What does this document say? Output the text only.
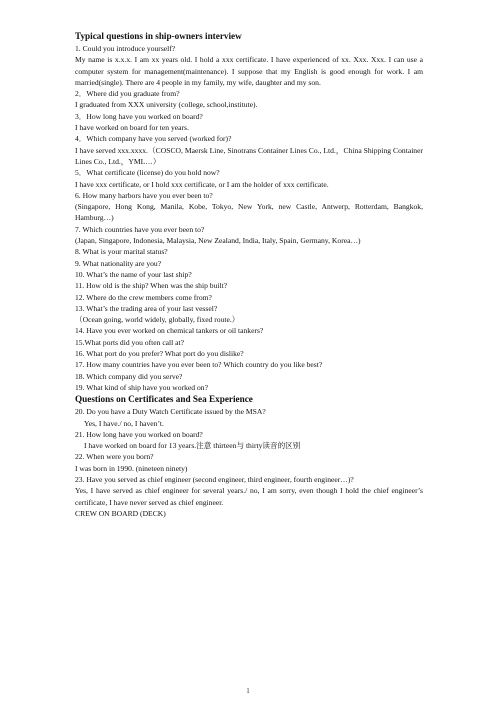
Typical questions in ship-owners interview

1. Could you introduce yourself?

My name is x.x.x. I am xx years old. I hold a xxx certificate. I have experienced of xx. Xxx. Xxx. I can use a computer system for management(maintenance). I suppose that my English is good enough for work. I am married(single). There are 4 people in my family, my wife, daughter and my son.

2．Where did you graduate from?

I graduated from XXX university (college, school,institute).

3．How long have you worked on board?

I have worked on board for ten years.

4．Which company have you served (worked for)?

I have served xxx.xxxx.（COSCO, Maersk Line, Sinotrans Container Lines Co., Ltd.，China Shipping Container Lines Co., Ltd.，YML…）

5．What certificate (license) do you hold now?

I have xxx certificate, or I hold xxx certificate, or I am the holder of xxx certificate.

6. How many harbors have you ever been to?

(Singapore, Hong Kong, Manila, Kobe, Tokyo, New York, new Castle, Antwerp, Rotterdam, Bangkok, Hamburg…)

7. Which countries have you ever been to?

(Japan, Singapore, Indonesia, Malaysia, New Zealand, India, Italy, Spain, Germany, Korea…)

8. What is your marital status?

9. What nationality are you?

10. What’s the name of your last ship?

11. How old is the ship? When was the ship built?

12. Where do the crew members come from?

13. What’s the trading area of your last vessel?

（Ocean going, world widely, globally, fixed route.）

14. Have you ever worked on chemical tankers or oil tankers?

15.What ports did you often call at?

16. What port do you prefer? What port do you dislike?

17. How many countries have you ever been to? Which country do you like best?

18. Which company did you serve?

19. What kind of ship have you worked on?

Questions on Certificates and Sea Experience

20. Do you have a Duty Watch Certificate issued by the MSA?

Yes, I have./ no, I haven’t.

21. How long have you worked on board?

I have worked on board for 13 years.注意 thirteen与 thirty读音的区别

22. When were you born?

I was born in 1990. (nineteen ninety)

23. Have you served as chief engineer (second engineer, third engineer, fourth engineer…)?

Yes, I have served as chief engineer for several years./ no, I am sorry, even though I hold the chief engineer’s certificate, I have never served as chief engineer.

CREW ON BOARD (DECK)

1
